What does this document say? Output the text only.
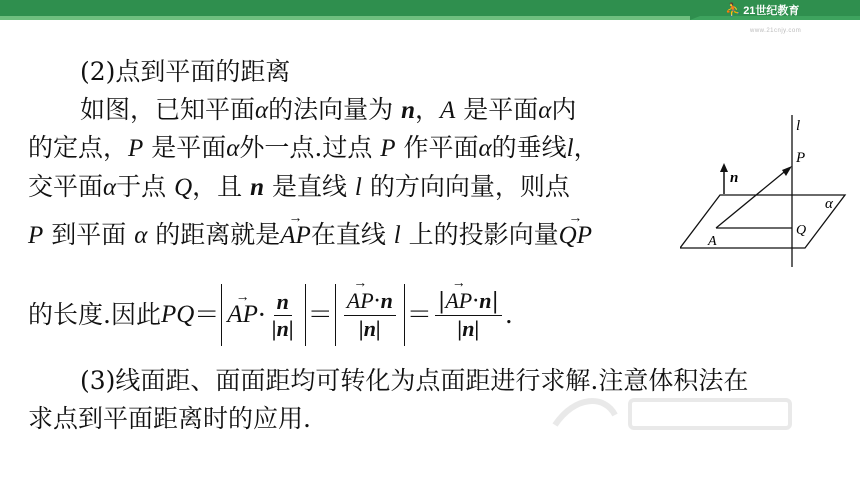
⛹ 21世纪教育
www.21cnjy.com
(2)点到平面的距离
如图，已知平面α的法向量为 n，A 是平面α内
的定点，P 是平面α外一点.过点 P 作平面α的垂线l，
交平面α于点 Q，且 n 是直线 l 的方向向量，则点
P 到平面 α 的距离就是→ AP在直线 l 上的投影向量→ QP
的长度.因此 PQ ＝ → AP · $\frac{n}{|n|}$ ＝ → $\frac{AP\cdot n}{|n|} = \frac{|\to AP\cdot n|}{|n|}$ .
(3)线面距、面面距均可转化为点面距进行求解.注意体积法在
求点到平面距离时的应用.
l
P
n
α
A
Q
